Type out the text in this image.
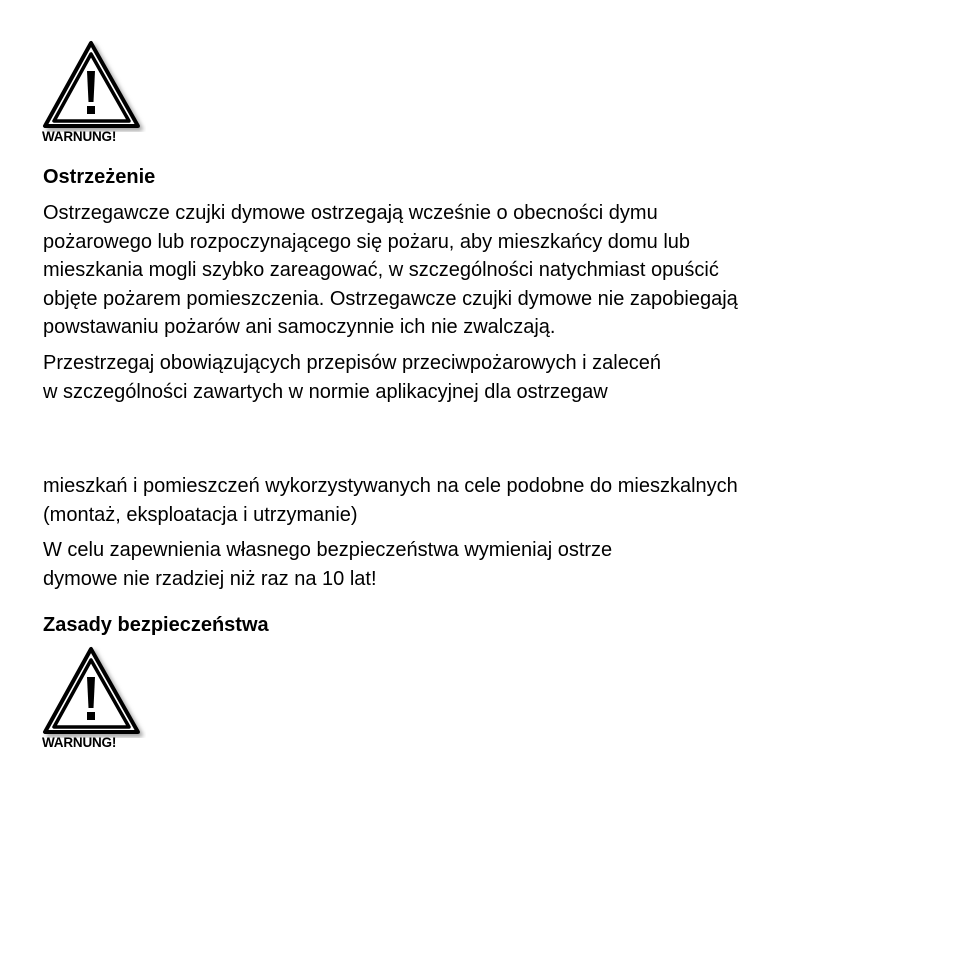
WARNUNG!
Ostrzeżenie
Ostrzegawcze czujki dymowe ostrzegają wcześnie o obecności dymu
pożarowego lub rozpoczynającego się pożaru, aby mieszkańcy domu lub
mieszkania mogli szybko zareagować, w szczególności natychmiast opuścić
objęte pożarem pomieszczenia. Ostrzegawcze czujki dymowe nie zapobiegają
powstawaniu pożarów ani samoczynnie ich nie zwalczają.
Przestrzegaj obowiązujących przepisów przeciwpożarowych i zaleceń
w szczególności zawartych w normie aplikacyjnej dla ostrzegaw
mieszkań i pomieszczeń wykorzystywanych na cele podobne do mieszkalnych
(montaż, eksploatacja i utrzymanie)
W celu zapewnienia własnego bezpieczeństwa wymieniaj ostrze
dymowe nie rzadziej niż raz na 10 lat!
Zasady bezpieczeństwa
WARNUNG!
